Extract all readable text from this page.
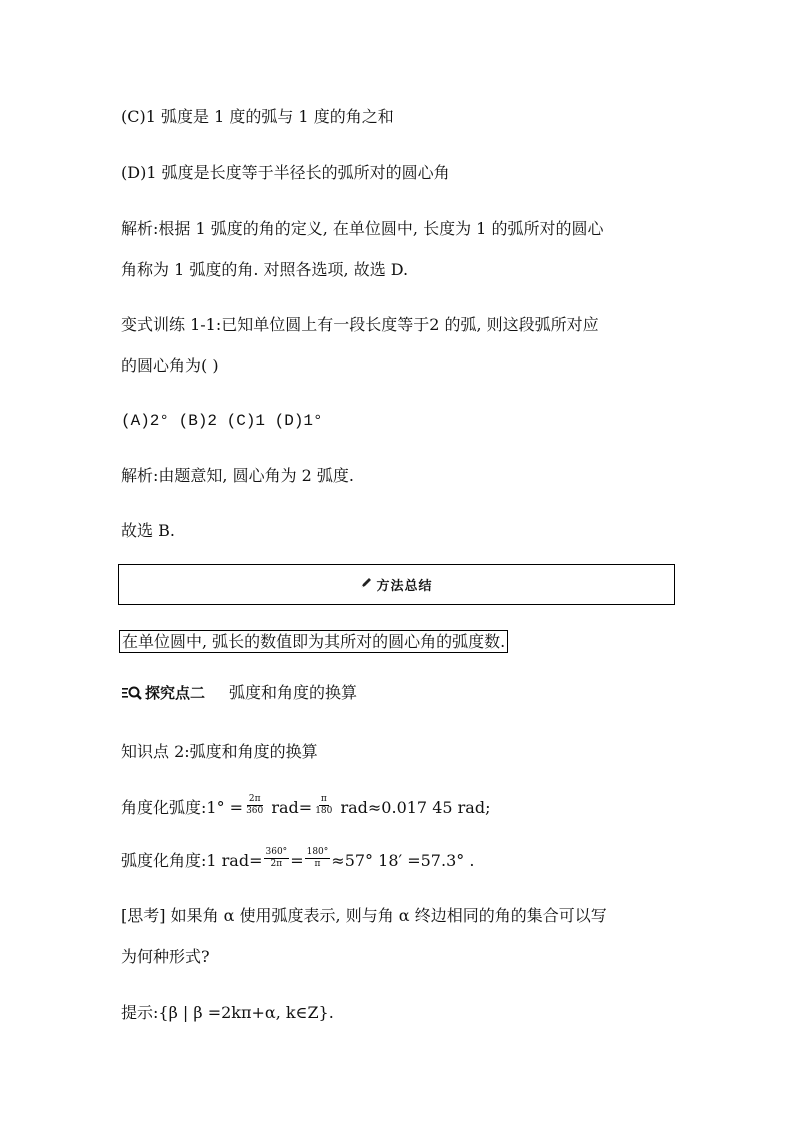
(C)1 弧度是 1 度的弧与 1 度的角之和
(D)1 弧度是长度等于半径长的弧所对的圆心角
解析:根据 1 弧度的角的定义, 在单位圆中, 长度为 1 的弧所对的圆心
角称为 1 弧度的角. 对照各选项, 故选 D.
变式训练 1-1:已知单位圆上有一段长度等于2 的弧, 则这段弧所对应
的圆心角为( )
(A)2° (B)2 (C)1 (D)1°
解析:由题意知, 圆心角为 2 弧度.
故选 B.
方法总结
在单位圆中, 弧长的数值即为其所对的圆心角的弧度数.
探究点二 弧度和角度的换算
知识点 2:弧度和角度的换算
角度化弧度:1° = $\frac{2\pi}{360} rad= \frac{\pi}{180} rad\approx 0.017$ 45 rad;
弧度化角度:1 $rad= \frac{360^\circ}{2\pi} = \frac{180^\circ}{\pi} \approx 57^\circ$ 18′ =57.3° .
[思考] 如果角 α 使用弧度表示, 则与角 α 终边相同的角的集合可以写
为何种形式?
提示:{β | β =2kπ+α, k∈Z}.
